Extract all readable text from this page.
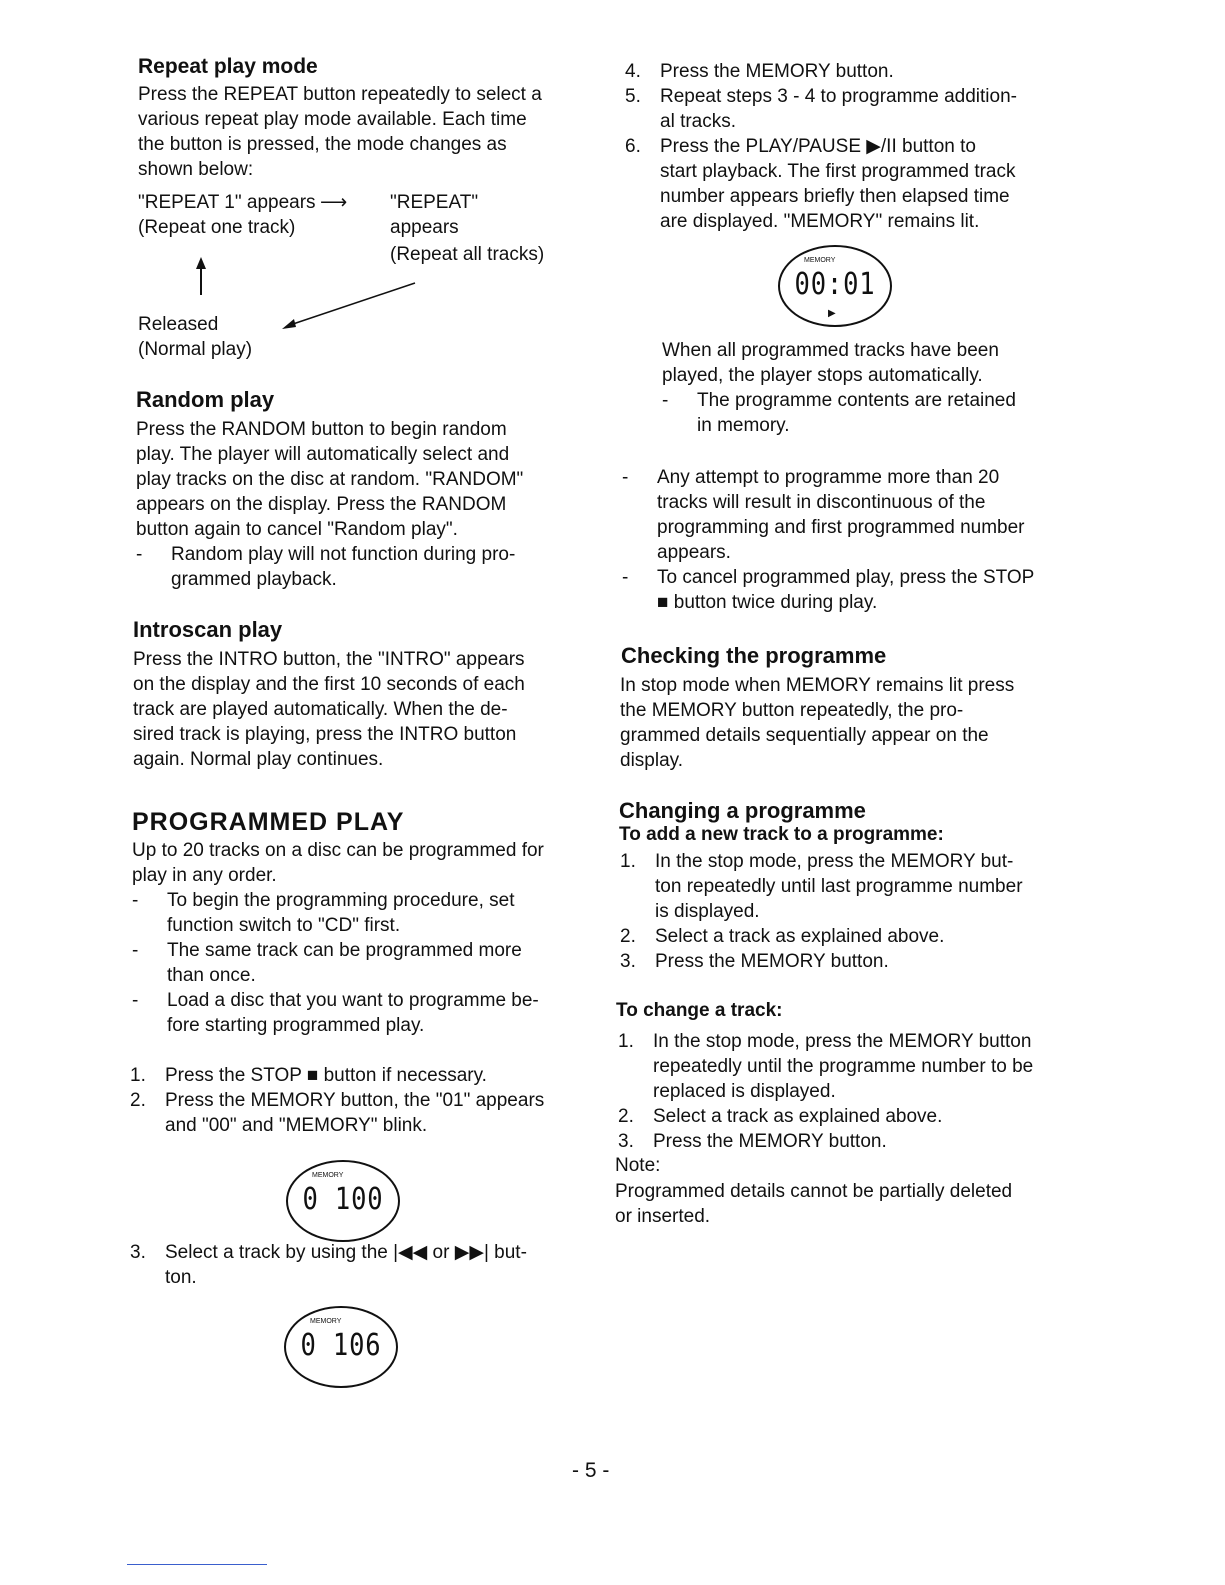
Repeat play mode
Press the REPEAT button repeatedly to select a
various repeat play mode available. Each time
the button is pressed, the mode changes as
shown below:
"REPEAT 1" appears ⟶ "REPEAT"
(Repeat one track)	appears
(Repeat all tracks)
Released
(Normal play)
Random play
Press the RANDOM button to begin random
play. The player will automatically select and
play tracks on the disc at random. "RANDOM"
appears on the display. Press the RANDOM
button again to cancel "Random play".
- Random play will not function during pro-
grammed playback.
Introscan play
Press the INTRO button, the "INTRO" appears
on the display and the first 10 seconds of each
track are played automatically. When the de-
sired track is playing, press the INTRO button
again. Normal play continues.
PROGRAMMED PLAY
Up to 20 tracks on a disc can be programmed for
play in any order.
- To begin the programming procedure, set
function switch to "CD" first.
- The same track can be programmed more
than once.
- Load a disc that you want to programme be-
fore starting programmed play.
1. Press the STOP ■ button if necessary.
2. Press the MEMORY button, the "01" appears
and "00" and "MEMORY" blink.
MEMORY
0 100
3. Select a track by using the |◀◀ or ▶▶| but-
ton.
MEMORY
0 106
4. Press the MEMORY button.
5. Repeat steps 3 - 4 to programme addition-
al tracks.
6. Press the PLAY/PAUSE ▶/II button to
start playback. The first programmed track
number appears briefly then elapsed time
are displayed. "MEMORY" remains lit.
MEMORY
00:01
▶
When all programmed tracks have been
played, the player stops automatically.
- The programme contents are retained
in memory.
- Any attempt to programme more than 20
tracks will result in discontinuous of the
programming and first programmed number
appears.
- To cancel programmed play, press the STOP
■ button twice during play.
Checking the programme
In stop mode when MEMORY remains lit press
the MEMORY button repeatedly, the pro-
grammed details sequentially appear on the
display.
Changing a programme
To add a new track to a programme:
1. In the stop mode, press the MEMORY but-
ton repeatedly until last programme number
is displayed.
2. Select a track as explained above.
3. Press the MEMORY button.
To change a track:
1. In the stop mode, press the MEMORY button
repeatedly until the programme number to be
replaced is displayed.
2. Select a track as explained above.
3. Press the MEMORY button.
Note:
Programmed details cannot be partially deleted
or inserted.
- 5 -
